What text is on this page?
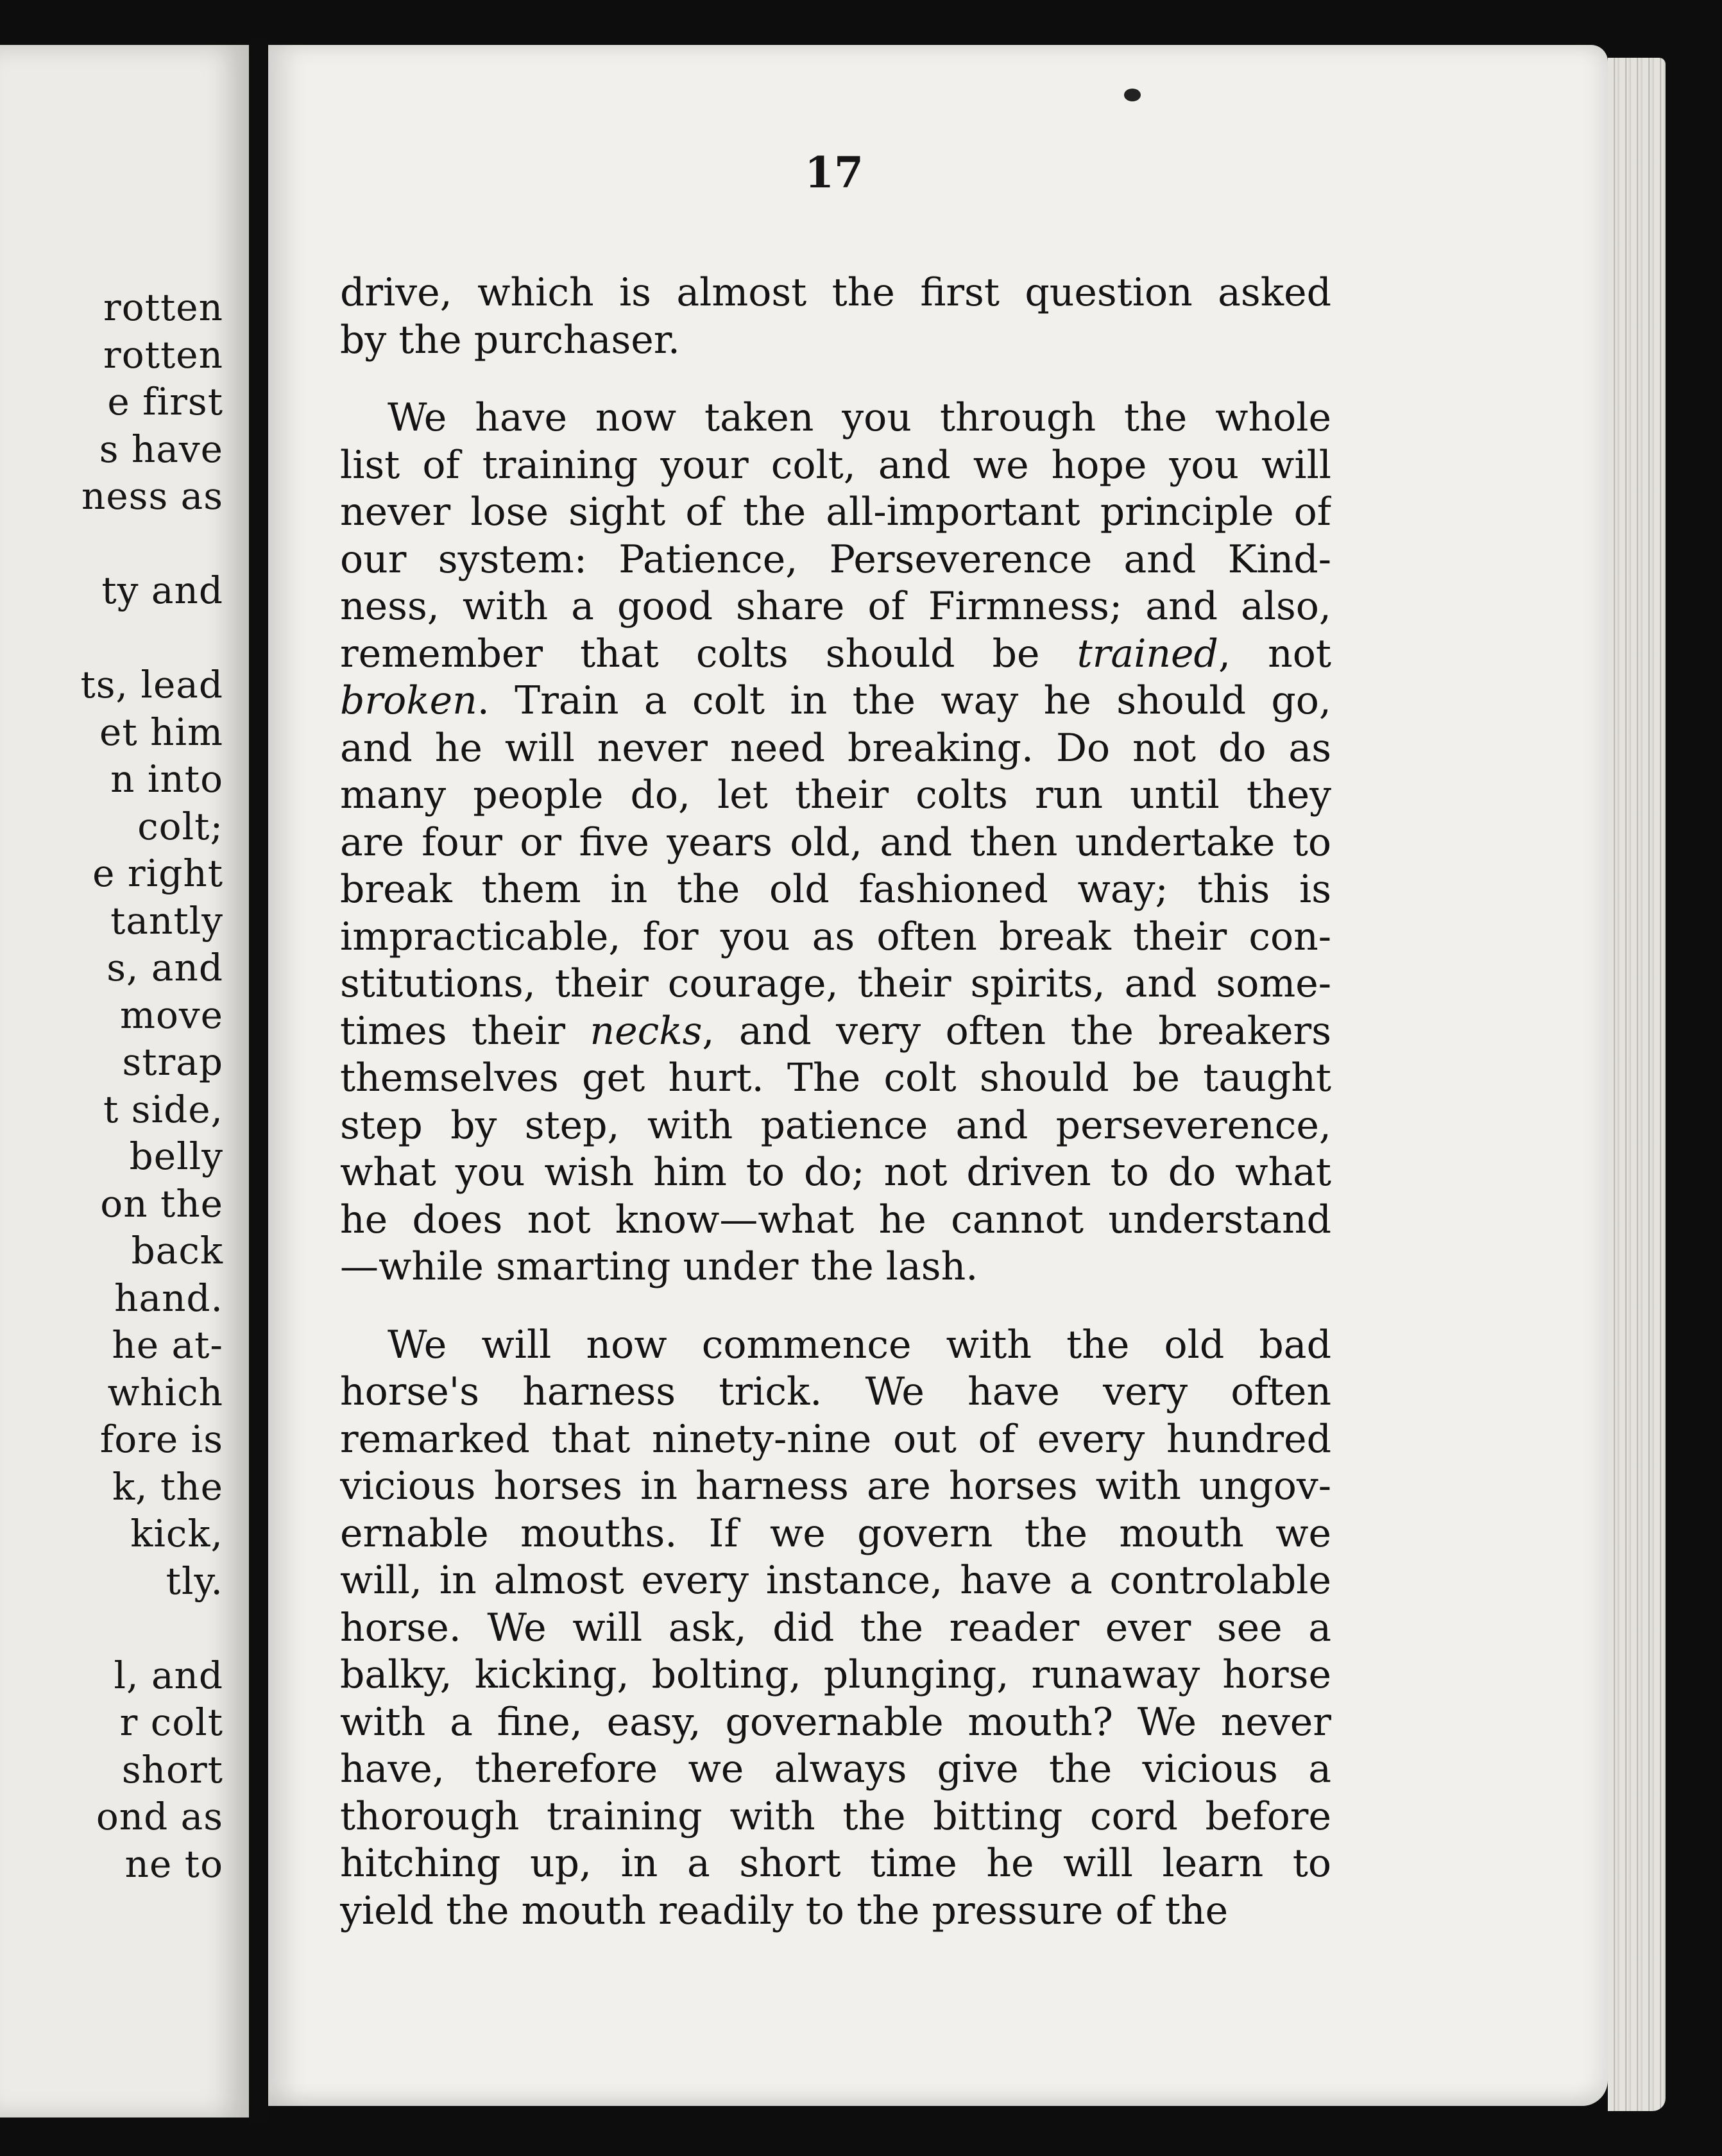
rotten
rotten
e first
s have
ness as
ty and
ts, lead
et him
n into
colt;
e right
tantly
s, and
move
strap
t side,
belly
on the
back
hand.
he at-
which
fore is
k, the
kick,
tly.
l, and
r colt
short
ond as
ne to
17
drive, which is almost the first question asked
by the purchaser.
We have now taken you through the whole
list of training your colt, and we hope you will
never lose sight of the all-important principle of
our system: Patience, Perseverence and Kind-
ness, with a good share of Firmness; and also,
remember that colts should be trained, not
broken. Train a colt in the way he should go,
and he will never need breaking. Do not do as
many people do, let their colts run until they
are four or five years old, and then undertake to
break them in the old fashioned way; this is
impracticable, for you as often break their con-
stitutions, their courage, their spirits, and some-
times their necks, and very often the breakers
themselves get hurt. The colt should be taught
step by step, with patience and perseverence,
what you wish him to do; not driven to do what
he does not know—what he cannot understand
—while smarting under the lash.
We will now commence with the old bad
horse's harness trick. We have very often
remarked that ninety-nine out of every hundred
vicious horses in harness are horses with ungov-
ernable mouths. If we govern the mouth we
will, in almost every instance, have a controlable
horse. We will ask, did the reader ever see a
balky, kicking, bolting, plunging, runaway horse
with a fine, easy, governable mouth? We never
have, therefore we always give the vicious a
thorough training with the bitting cord before
hitching up, in a short time he will learn to
yield the mouth readily to the pressure of the
